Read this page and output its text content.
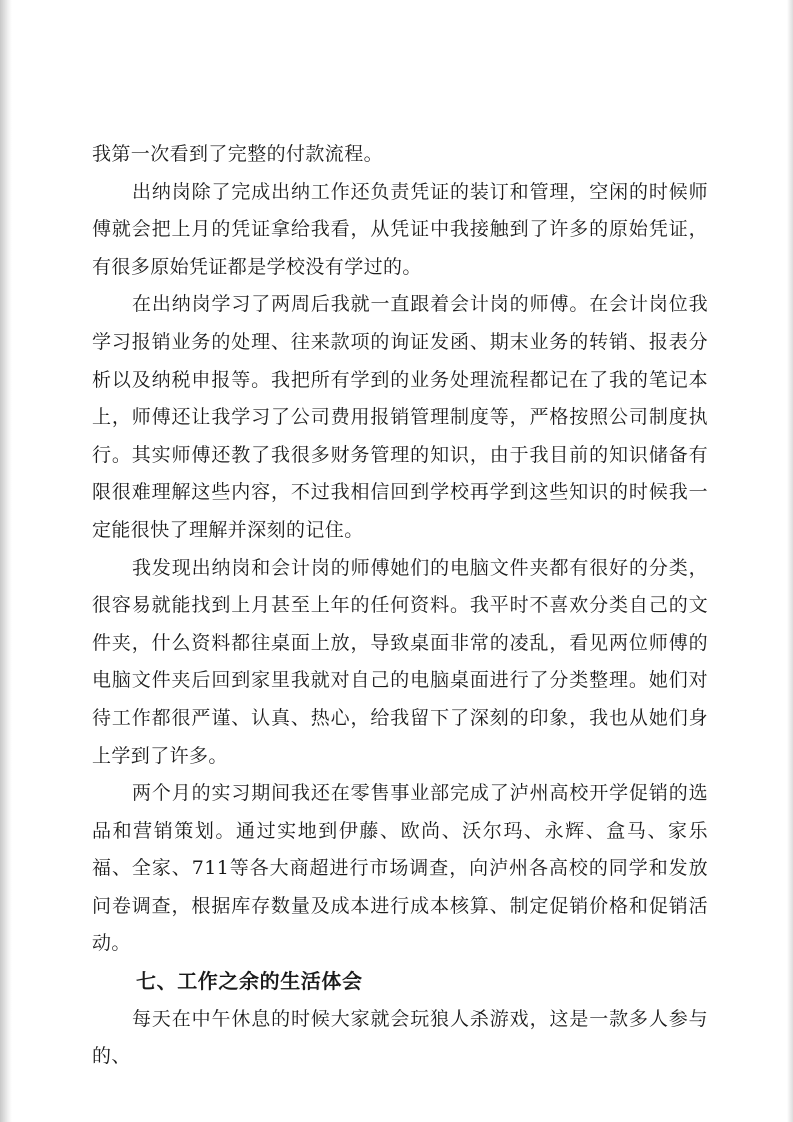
我第一次看到了完整的付款流程。

出纳岗除了完成出纳工作还负责凭证的装订和管理，空闲的时候师傅就会把上月的凭证拿给我看，从凭证中我接触到了许多的原始凭证，有很多原始凭证都是学校没有学过的。

在出纳岗学习了两周后我就一直跟着会计岗的师傅。在会计岗位我学习报销业务的处理、往来款项的询证发函、期末业务的转销、报表分析以及纳税申报等。我把所有学到的业务处理流程都记在了我的笔记本上，师傅还让我学习了公司费用报销管理制度等，严格按照公司制度执行。其实师傅还教了我很多财务管理的知识，由于我目前的知识储备有限很难理解这些内容，不过我相信回到学校再学到这些知识的时候我一定能很快了理解并深刻的记住。

我发现出纳岗和会计岗的师傅她们的电脑文件夹都有很好的分类，很容易就能找到上月甚至上年的任何资料。我平时不喜欢分类自己的文件夹，什么资料都往桌面上放，导致桌面非常的凌乱，看见两位师傅的电脑文件夹后回到家里我就对自己的电脑桌面进行了分类整理。她们对待工作都很严谨、认真、热心，给我留下了深刻的印象，我也从她们身上学到了许多。

两个月的实习期间我还在零售事业部完成了泸州高校开学促销的选品和营销策划。通过实地到伊藤、欧尚、沃尔玛、永辉、盒马、家乐福、全家、711等各大商超进行市场调查，向泸州各高校的同学和发放问卷调查，根据库存数量及成本进行成本核算、制定促销价格和促销活动。

七、工作之余的生活体会

每天在中午休息的时候大家就会玩狼人杀游戏，这是一款多人参与的、
